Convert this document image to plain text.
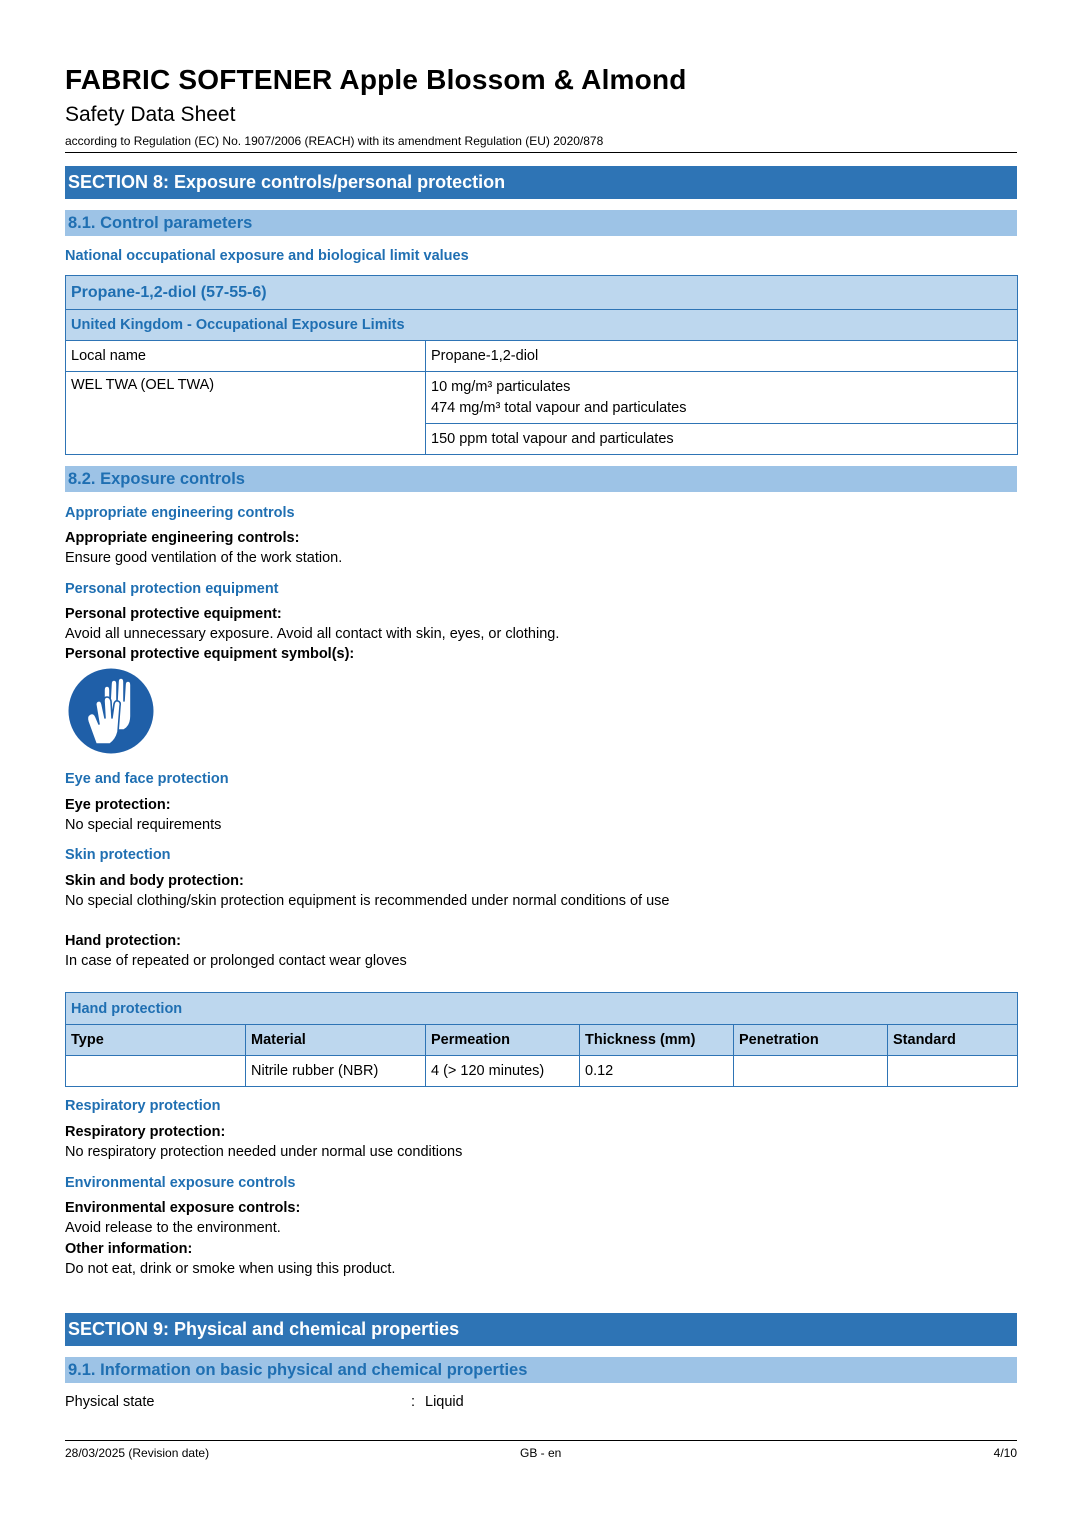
FABRIC SOFTENER Apple Blossom & Almond
Safety Data Sheet
according to Regulation (EC) No. 1907/2006 (REACH) with its amendment Regulation (EU) 2020/878
SECTION 8: Exposure controls/personal protection
8.1. Control parameters
National occupational exposure and biological limit values
Propane-1,2-diol (57-55-6)	
United Kingdom - Occupational Exposure Limits	
Local name	Propane-1,2-diol
WEL TWA (OEL TWA)	10 mg/m³ particulates
474 mg/m³ total vapour and particulates

	150 ppm total vapour and particulates
8.2. Exposure controls
Appropriate engineering controls
Appropriate engineering controls:
Ensure good ventilation of the work station.
Personal protection equipment
Personal protective equipment:
Avoid all unnecessary exposure. Avoid all contact with skin, eyes, or clothing.
Personal protective equipment symbol(s):
Eye and face protection
Eye protection:
No special requirements
Skin protection
Skin and body protection:
No special clothing/skin protection equipment is recommended under normal conditions of use
Hand protection:
In case of repeated or prolonged contact wear gloves
Hand protection					
Type	Material	Permeation	Thickness (mm)	Penetration	Standard
	Nitrile rubber (NBR)	4 (> 120 minutes)	0.12		
Respiratory protection
Respiratory protection:
No respiratory protection needed under normal use conditions
Environmental exposure controls
Environmental exposure controls:
Avoid release to the environment.
Other information:
Do not eat, drink or smoke when using this product.
SECTION 9: Physical and chemical properties
9.1. Information on basic physical and chemical properties
Physical state	: Liquid
28/03/2025 (Revision date)	GB - en	4/10
